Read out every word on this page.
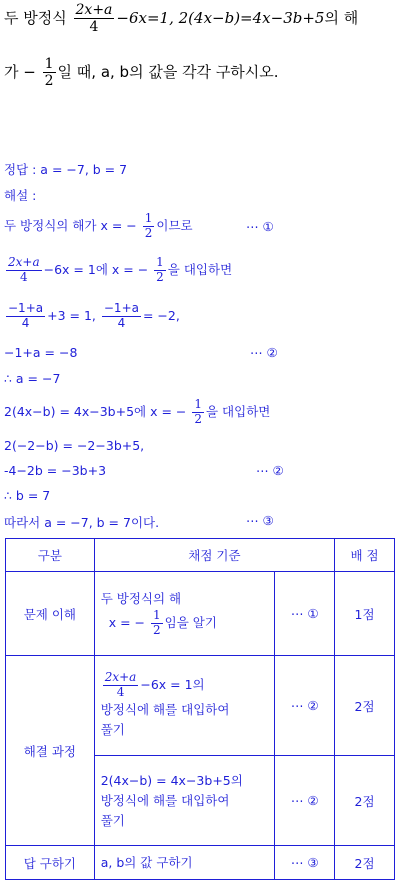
두 방정식 $\frac{2x+a}{4} -6x=1$, 2(4x−b)=4x−3b+5의 해
가 − $\frac{1}{2}$ 일 때, a, b의 값을 각각 구하시오.
정답 : a = −7, b = 7
해설 :
두 방정식의 해가 x = − $\frac{1}{2}$ 이므로	⋯ ①
$\frac{2x+a}{4} -6x = 1$에 x = − $\frac{1}{2}$ 을 대입하면
$\frac{-1+a}{4} +3 = 1$, $\frac{-1+a}{4} = -2$,
−1+a = −8	⋯ ②
∴ a = −7
2(4x−b) = 4x−3b+5에 x = − $\frac{1}{2}$ 을 대입하면
2(−2−b) = −2−3b+5,
-4−2b = −3b+3	⋯ ②
∴ b = 7
따라서 a = −7, b = 7이다.	⋯ ③
구분	채점 기준		배 점
문제 이해	두 방정식의 해
x = − $\frac{1}{2}$ 임을 알기	⋯ ①	1점
해결 과정	$\frac{2x+a}{4} -6x = 1$의
방정식에 해를 대입하여
풀기	⋯ ②	2점

	2(4x−b) = 4x−3b+5의
방정식에 해를 대입하여
풀기	⋯ ②	2점
답 구하기	a, b의 값 구하기	⋯ ③	2점
